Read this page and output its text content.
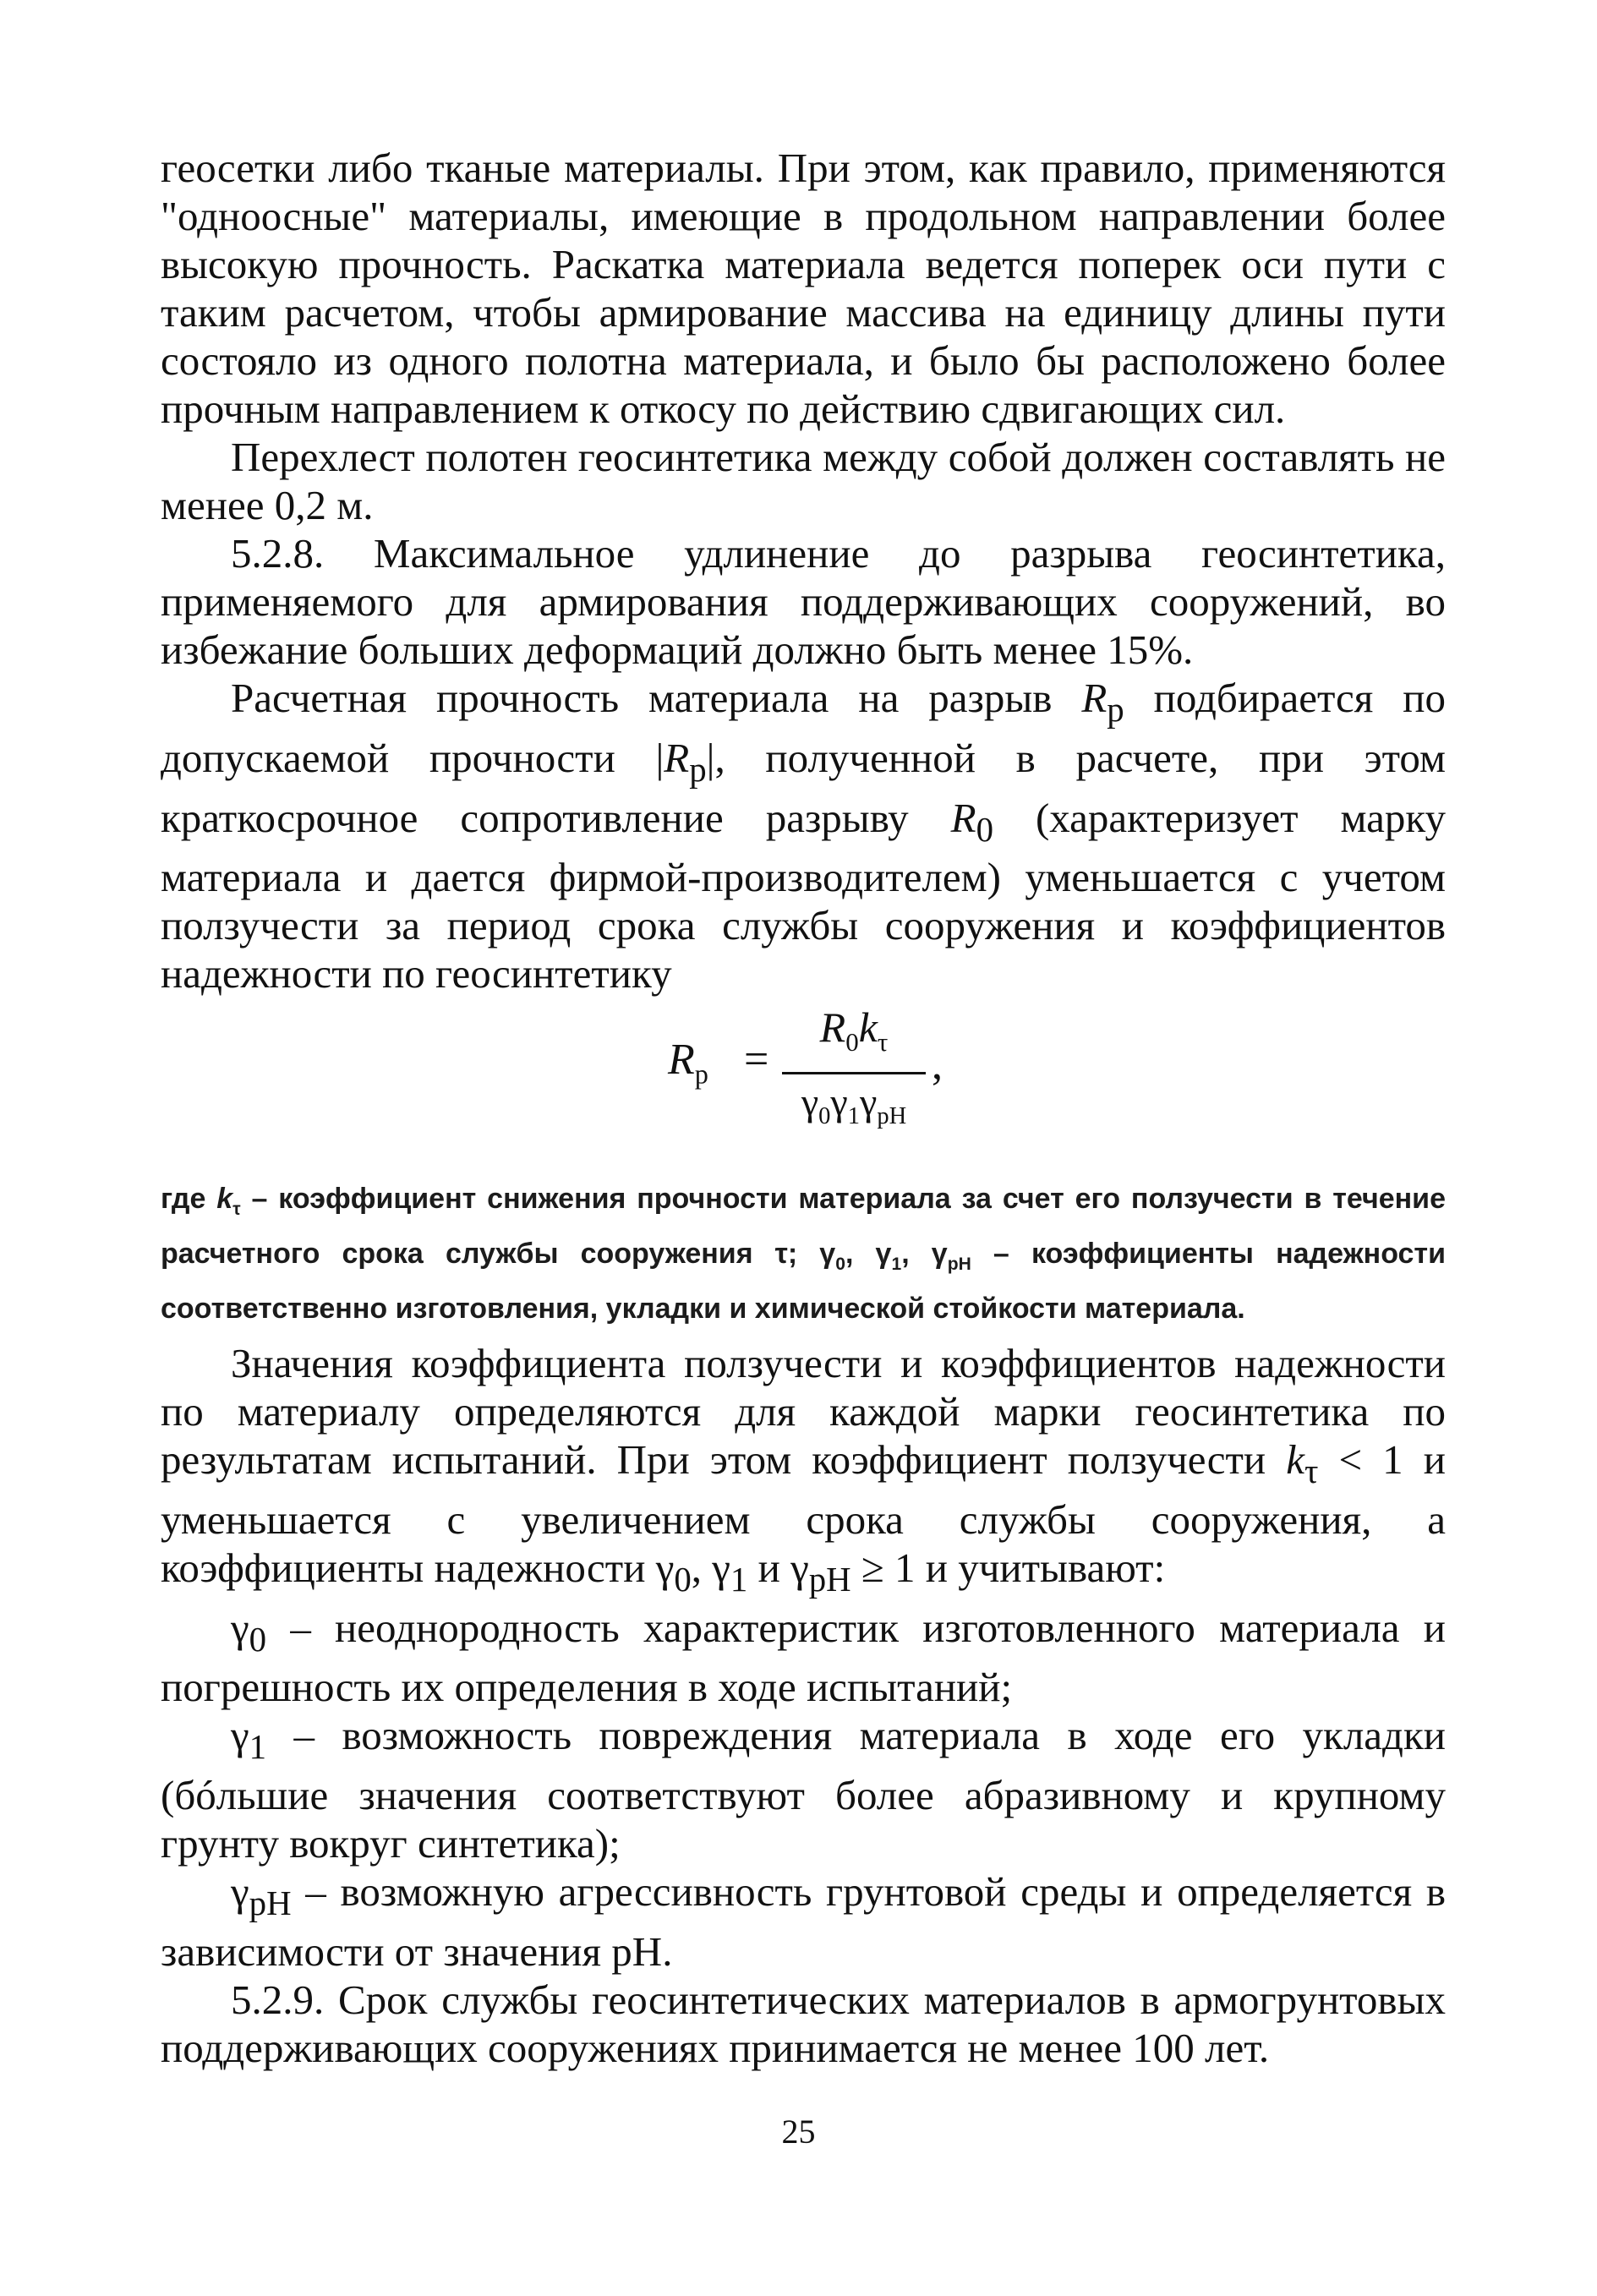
геосетки либо тканые материалы. При этом, как правило, применяются "одноосные" материалы, имеющие в продольном направлении более высокую прочность. Раскатка материала ведется поперек оси пути с таким расчетом, чтобы армирование массива на единицу длины пути состояло из одного полотна материала, и было бы расположено более прочным направлением к откосу по действию сдвигающих сил.

Перехлест полотен геосинтетика между собой должен составлять не менее 0,2 м.

5.2.8. Максимальное удлинение до разрыва геосинтетика, применяемого для армирования поддерживающих сооружений, во избежание больших деформаций должно быть менее 15%.

Расчетная прочность материала на разрыв $R_р$ подбирается по допускаемой прочности $|R_р|$, полученной в расчете, при этом краткосрочное сопротивление разрыву $R_0$ (характеризует марку материала и дается фирмой-производителем) уменьшается с учетом ползучести за период срока службы сооружения и коэффициентов надежности по геосинтетику

$R_р$ =
$R_0k_\tau$
$\gamma_0\gamma_1\gamma_{pH}$
,

где $k_\tau$ – коэффициент снижения прочности материала за счет его ползучести в течение расчетного срока службы сооружения τ; $\gamma_0$, $\gamma_1$, $\gamma_{pH}$ – коэффициенты надежности соответственно изготовления, укладки и химической стойкости материала.

Значения коэффициента ползучести и коэффициентов надежности по материалу определяются для каждой марки геосинтетика по результатам испытаний. При этом коэффициент ползучести $k_\tau < 1$ и уменьшается с увеличением срока службы сооружения, а коэффициенты надежности $\gamma_0$, $\gamma_1$ и $\gamma_{pH} \ge 1$ и учитывают:

$\gamma_0$ – неоднородность характеристик изготовленного материала и погрешность их определения в ходе испытаний;

$\gamma_1$ – возможность повреждения материала в ходе его укладки (бóльшие значения соответствуют более абразивному и крупному грунту вокруг синтетика);

$\gamma_{pH}$ – возможную агрессивность грунтовой среды и определяется в зависимости от значения pH.

5.2.9. Срок службы геосинтетических материалов в армогрунтовых поддерживающих сооружениях принимается не менее 100 лет.

25
